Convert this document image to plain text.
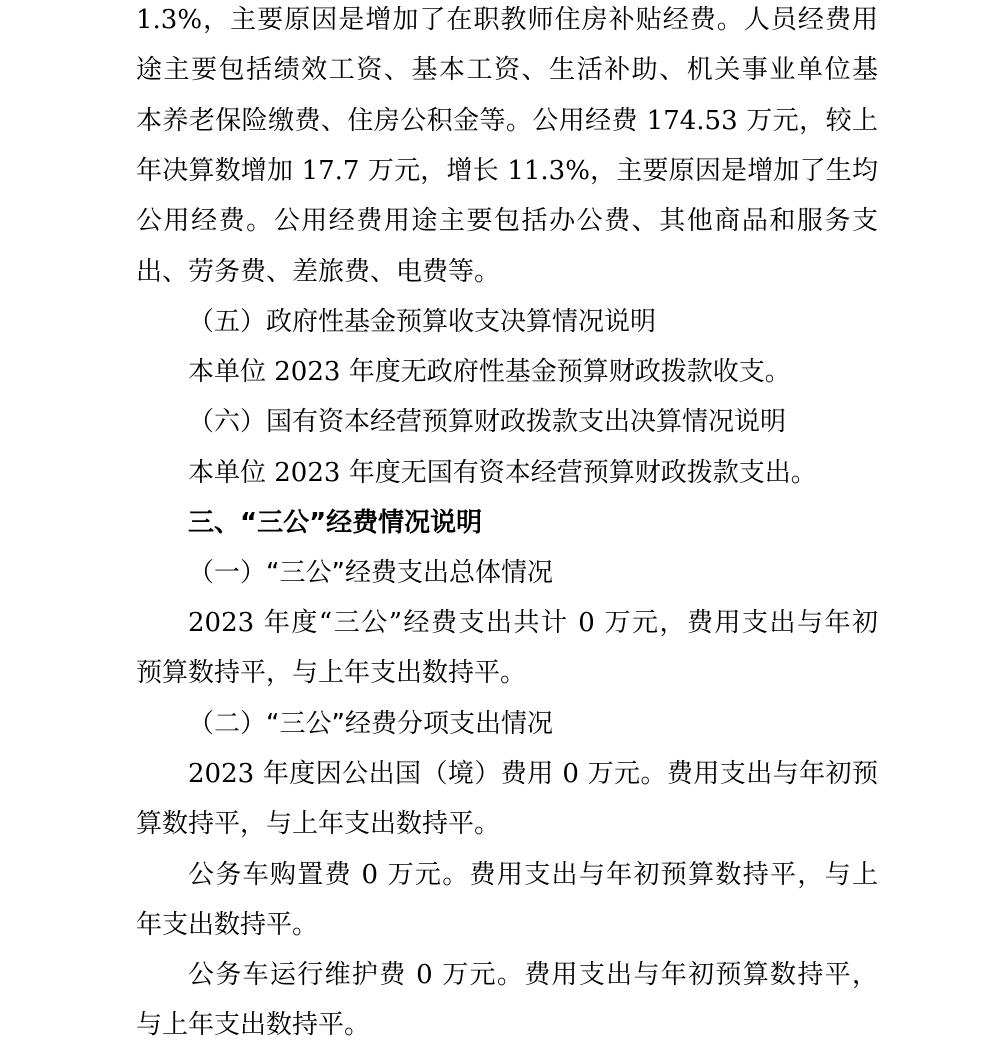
1.3%，主要原因是增加了在职教师住房补贴经费。人员经费用
途主要包括绩效工资、基本工资、生活补助、机关事业单位基
本养老保险缴费、住房公积金等。公用经费 174.53 万元，较上
年决算数增加 17.7 万元，增长 11.3%，主要原因是增加了生均
公用经费。公用经费用途主要包括办公费、其他商品和服务支
出、劳务费、差旅费、电费等。
（五）政府性基金预算收支决算情况说明
本单位 2023 年度无政府性基金预算财政拨款收支。
（六）国有资本经营预算财政拨款支出决算情况说明
本单位 2023 年度无国有资本经营预算财政拨款支出。
三、“三公”经费情况说明
（一）“三公”经费支出总体情况
2023 年度“三公”经费支出共计 0 万元，费用支出与年初
预算数持平，与上年支出数持平。
（二）“三公”经费分项支出情况
2023 年度因公出国（境）费用 0 万元。费用支出与年初预
算数持平，与上年支出数持平。
公务车购置费 0 万元。费用支出与年初预算数持平，与上
年支出数持平。
公务车运行维护费 0 万元。费用支出与年初预算数持平，
与上年支出数持平。
